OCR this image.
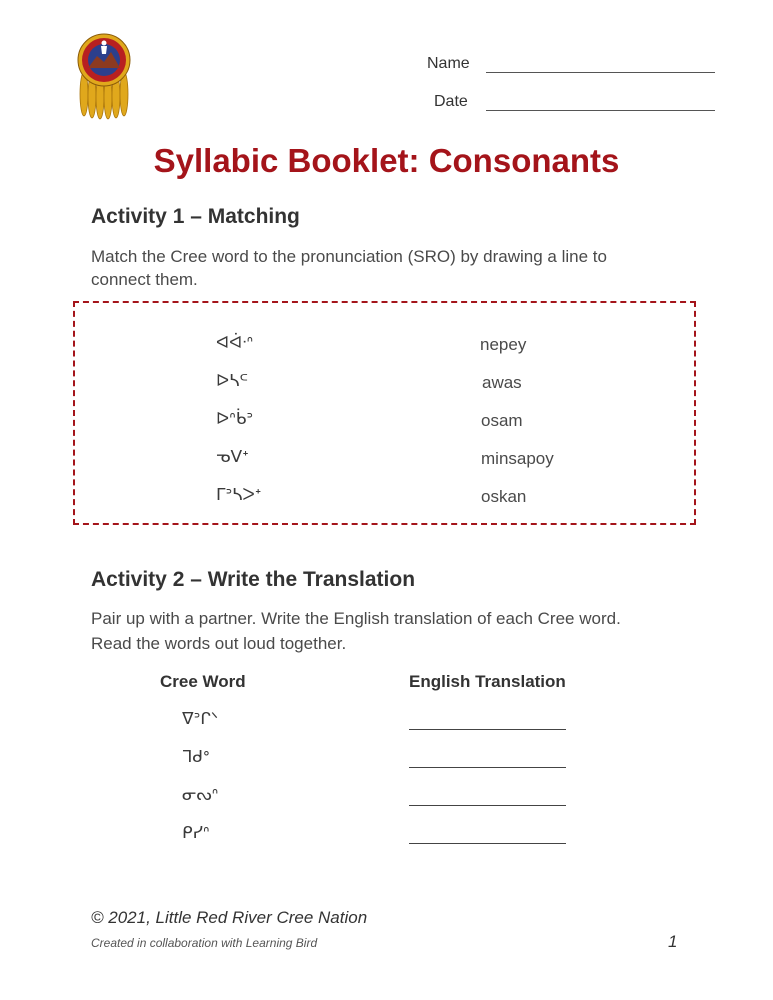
Name
Date
Syllabic Booklet: Consonants
Activity 1 – Matching
Match the Cree word to the pronunciation (SRO) by drawing a line to
connect them.
ᐊᐋᐧᐢ
ᐅᓴᒼ
ᐅᐢᑳᐣ
ᓀᐯᕀ
ᒥᐣᓴᐳᕀ
nepey
awas
osam
minsapoy
oskan
Activity 2 – Write the Translation
Pair up with a partner. Write the English translation of each Cree word.
Read the words out loud together.
Cree Word	English Translation
ᐁᐣᒋᐠ
ᒣᑯᐤ
ᓂᔓᐢ
ᑭᓯᐢ
© 2021, Little Red River Cree Nation
Created in collaboration with Learning Bird	1
